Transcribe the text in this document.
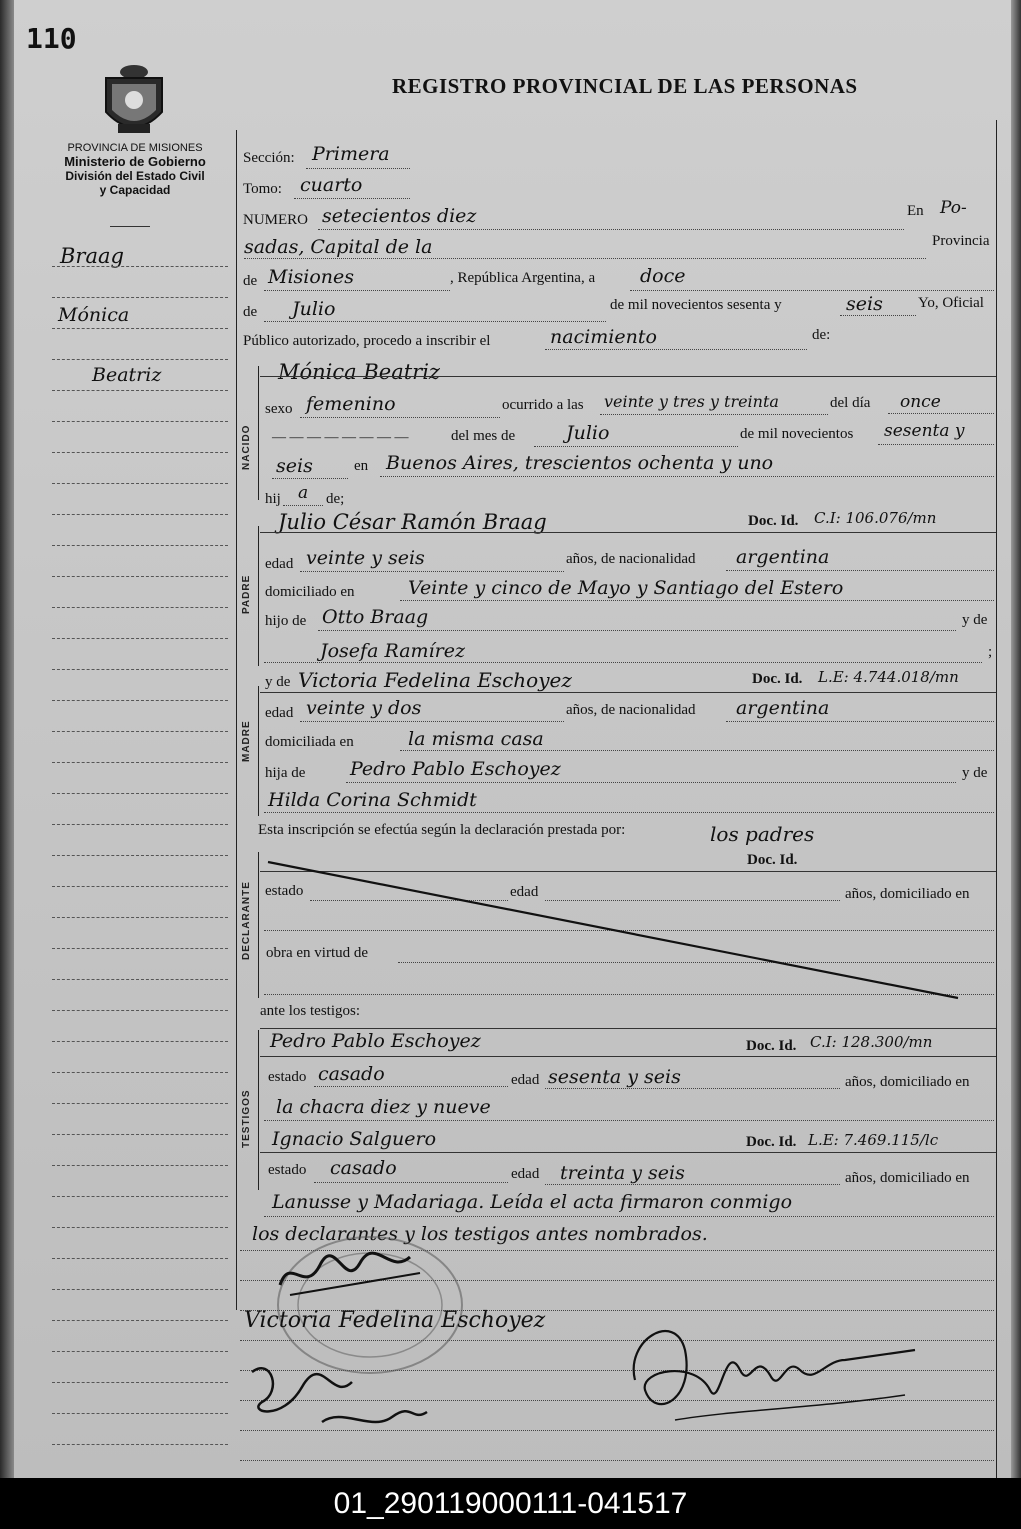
110
REGISTRO PROVINCIAL DE LAS PERSONAS
PROVINCIA DE MISIONES
Ministerio de Gobierno
División del Estado Civil
y Capacidad
Braag
Mónica
Beatriz
NACIDO
PADRE
MADRE
DECLARANTE
TESTIGOS
Sección: Primera
Tomo: cuarto
NUMERO setecientos diez	En Po-
sadas, Capital de la	Provincia
de Misiones	, República Argentina, a doce
de Julio	de mil novecientos sesenta y	seis Yo, Oficial
Público autorizado, procedo a inscribir el	nacimiento	de:
Mónica Beatriz
sexo femenino	ocurrido a las veinte y tres y treinta	del día once
— — — — — — — —	del mes de	Julio	de mil novecientos sesenta y
seis	en Buenos Aires, trescientos ochenta y uno
hij a de;
Julio César Ramón Braag	Doc. Id. C.I: 106.076/mn
edad veinte y seis	años, de nacionalidad argentina
domiciliado en	Veinte y cinco de Mayo y Santiago del Estero
hijo de Otto Braag	y de
Josefa Ramírez	;
y de Victoria Fedelina Eschoyez	Doc. Id. L.E: 4.744.018/mn
edad veinte y dos	años, de nacionalidad argentina
domiciliada en	la misma casa
hija de Pedro Pablo Eschoyez	y de
Hilda Corina Schmidt
Esta inscripción se efectúa según la declaración prestada por:	los padres
Doc. Id.
estado	edad	años, domiciliado en
obra en virtud de
ante los testigos:
Pedro Pablo Eschoyez	Doc. Id. C.I: 128.300/mn
estado casado	edad sesenta y seis	años, domiciliado en
la chacra diez y nueve
Ignacio Salguero	Doc. Id. L.E: 7.469.115/lc
estado casado	edad treinta y seis	años, domiciliado en
Lanusse y Madariaga. Leída el acta firmaron conmigo
los declarantes y los testigos antes nombrados.
Victoria Fedelina Eschoyez
01_290119000111-041517
